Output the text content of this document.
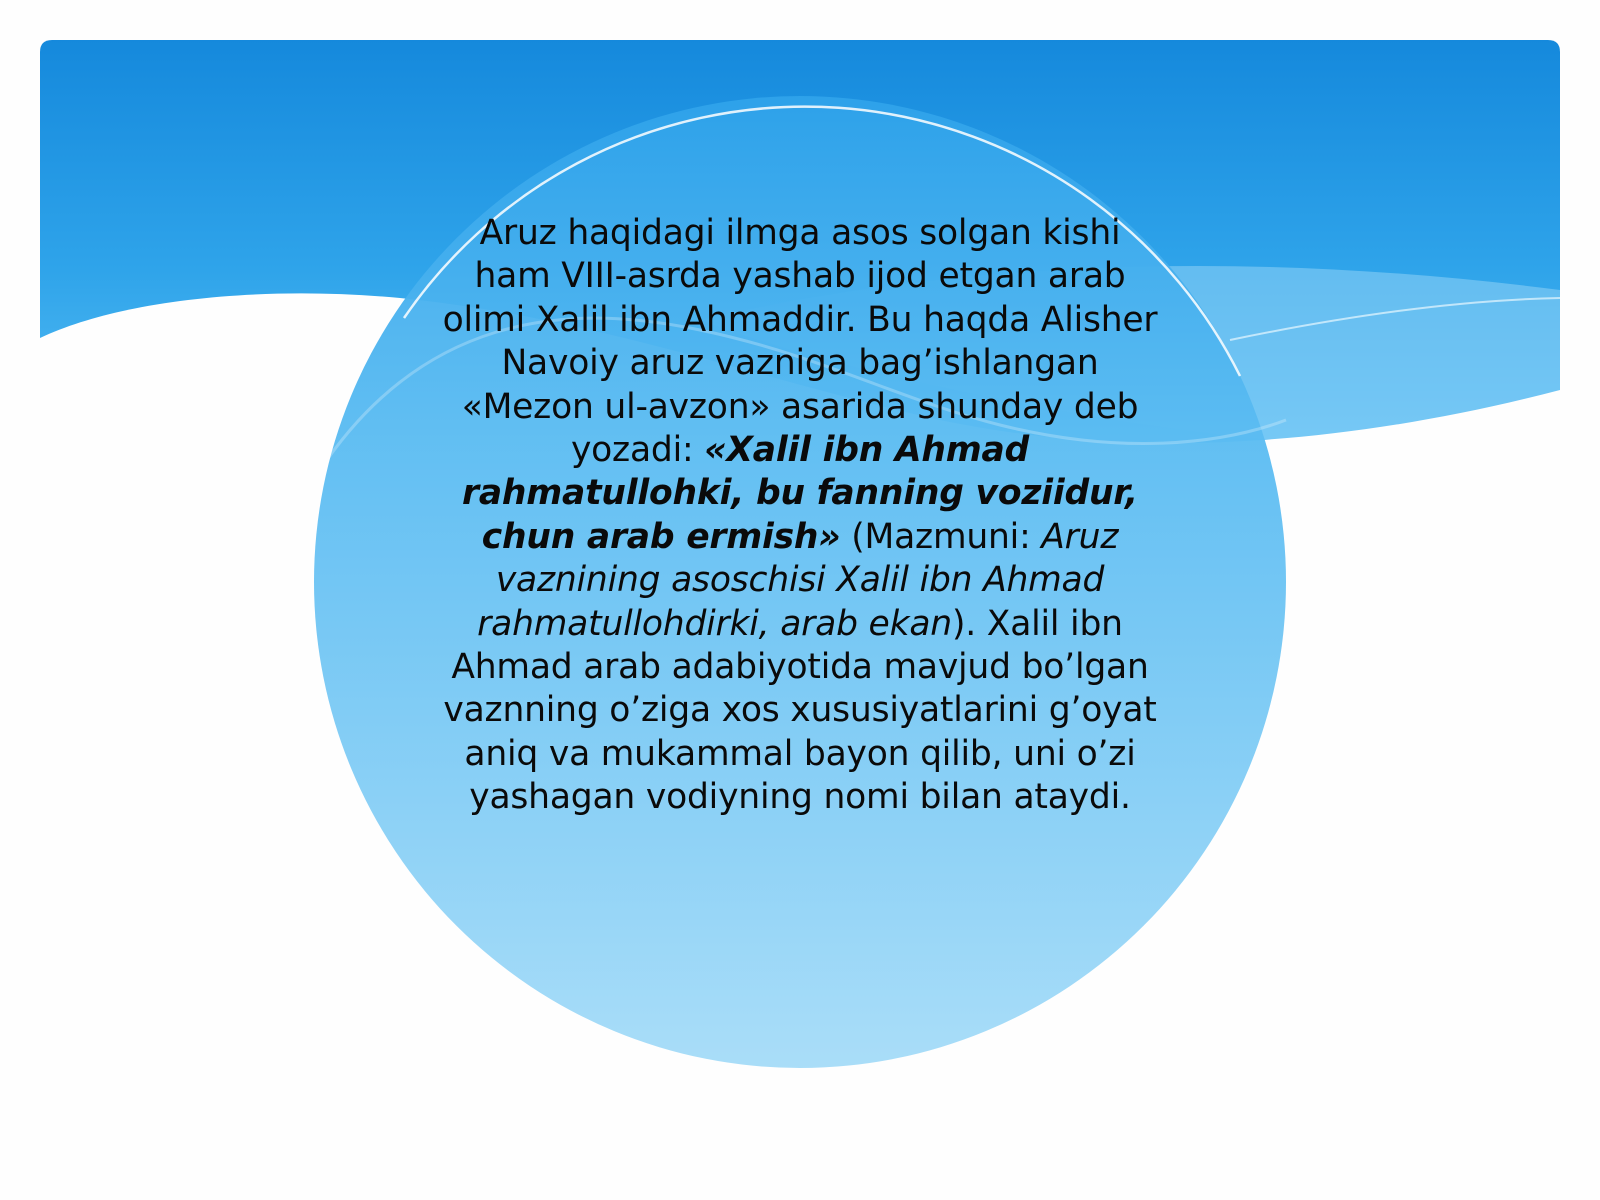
Aruz haqidagi ilmga asos solgan kishi ham VIII-asrda yashab ijod etgan arab olimi Xalil ibn Ahmaddir. Bu haqda Alisher Navoiy aruz vazniga bag’ishlangan «Mezon ul-avzon» asarida shunday deb yozadi: «Xalil ibn Ahmad rahmatullohki, bu fanning voziidur, chun arab ermish» (Mazmuni: Aruz vaznining asoschisi Xalil ibn Ahmad rahmatullohdirki, arab ekan). Xalil ibn Ahmad arab adabiyotida mavjud bo’lgan vaznning o’ziga xos xususiyatlarini g’oyat aniq va mukammal bayon qilib, uni o’zi yashagan vodiyning nomi bilan ataydi.
